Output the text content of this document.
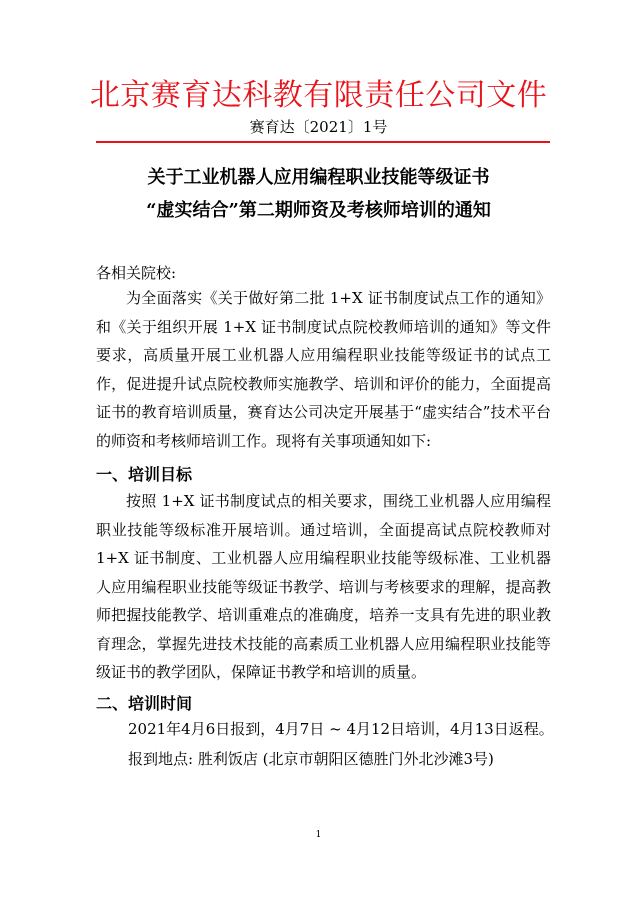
北京赛育达科教有限责任公司文件
赛育达〔2021〕1号
关于工业机器人应用编程职业技能等级证书
“虚实结合”第二期师资及考核师培训的通知
各相关院校:

为全面落实《关于做好第二批 1+X 证书制度试点工作的通知》和《关于组织开展 1+X 证书制度试点院校教师培训的通知》等文件要求，高质量开展工业机器人应用编程职业技能等级证书的试点工作，促进提升试点院校教师实施教学、培训和评价的能力，全面提高证书的教育培训质量，赛育达公司决定开展基于“虚实结合”技术平台的师资和考核师培训工作。现将有关事项通知如下:

一、培训目标

按照 1+X 证书制度试点的相关要求，围绕工业机器人应用编程职业技能等级标准开展培训。通过培训，全面提高试点院校教师对 1+X 证书制度、工业机器人应用编程职业技能等级标准、工业机器人应用编程职业技能等级证书教学、培训与考核要求的理解，提高教师把握技能教学、培训重难点的准确度，培养一支具有先进的职业教育理念，掌握先进技术技能的高素质工业机器人应用编程职业技能等级证书的教学团队，保障证书教学和培训的质量。

二、培训时间
2021年4月6日报到，4月7日 ~ 4月12日培训，4月13日返程。
报到地点: 胜利饭店 (北京市朝阳区德胜门外北沙滩3号)
1
